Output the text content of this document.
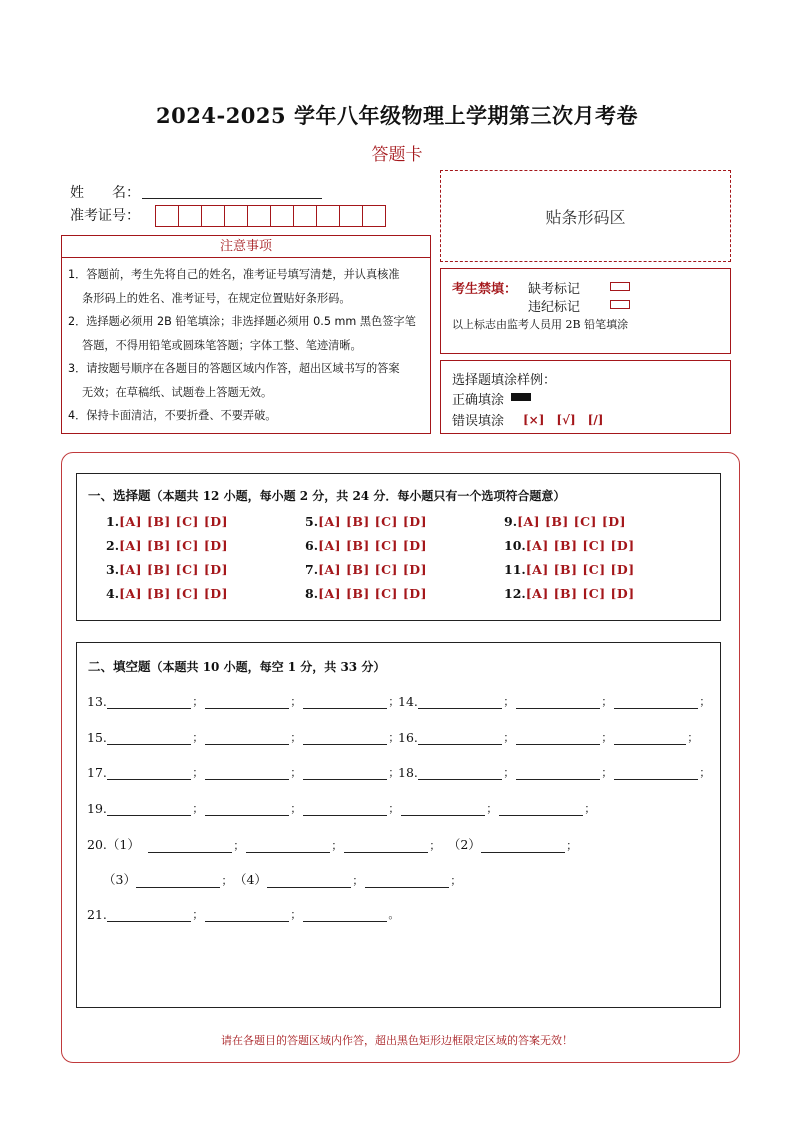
2024-2025 学年八年级物理上学期第三次月考卷
答题卡
姓　　名：
准考证号：	贴条形码区
注意事项

1．答题前，考生先将自己的姓名，准考证号填写清楚，并认真核准

条形码上的姓名、准考证号，在规定位置贴好条形码。

2．选择题必须用 2B 铅笔填涂；非选择题必须用 0.5 mm 黑色签字笔

答题，不得用铅笔或圆珠笔答题；字体工整、笔迹清晰。

3．请按题号顺序在各题目的答题区域内作答，超出区域书写的答案

无效；在草稿纸、试题卷上答题无效。

4．保持卡面清洁，不要折叠、不要弄破。

考生禁填： 缺考标记
违纪标记
以上标志由监考人员用 2B 铅笔填涂
选择题填涂样例：
正确填涂
错误填涂 [×]　[√]　[/]
一、选择题（本题共 12 小题，每小题 2 分，共 24 分．每小题只有一个选项符合题意）
1.[A] [B] [C] [D]
2.[A] [B] [C] [D]
3.[A] [B] [C] [D]
4.[A] [B] [C] [D]
5.[A] [B] [C] [D]
6.[A] [B] [C] [D]
7.[A] [B] [C] [D]
8.[A] [B] [C] [D]
9.[A] [B] [C] [D]
10.[A] [B] [C] [D]
11.[A] [B] [C] [D]
12.[A] [B] [C] [D]
二、填空题（本题共 10 小题，每空 1 分，共 33 分）
13.	；	；	；
14.	；	；	；
15.	；	；	；
16.	；	；	；
17.	；	；	；
18.	；	；	；
19.	；	；	；	；	；
20.（1）	；	；	； （2）	；
（3）	； （4）	；	；
21.	；	；	。
请在各题目的答题区域内作答，超出黑色矩形边框限定区域的答案无效！
